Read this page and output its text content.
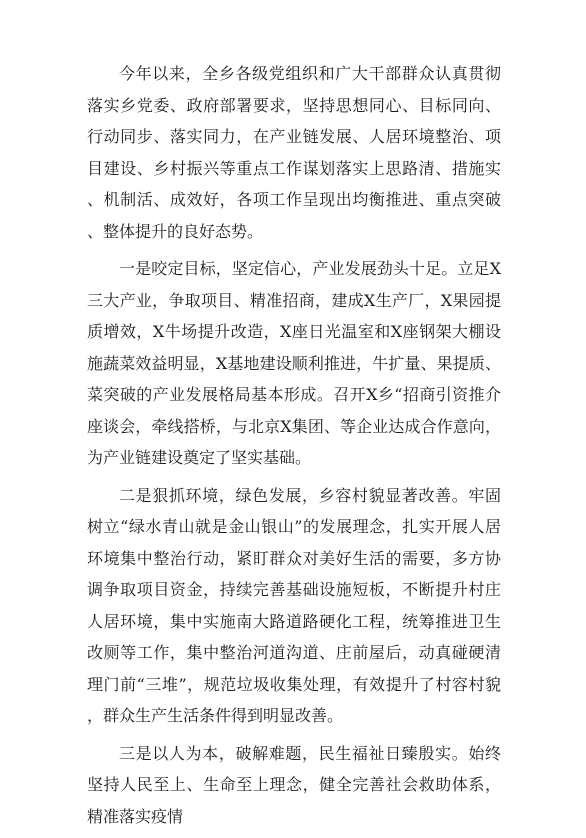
今年以来，全乡各级党组织和广大干部群众认真贯彻落实乡党委、政府部署要求，坚持思想同心、目标同向、行动同步、落实同力，在产业链发展、人居环境整治、项目建设、乡村振兴等重点工作谋划落实上思路清、措施实、机制活、成效好，各项工作呈现出均衡推进、重点突破、整体提升的良好态势。

一是咬定目标，坚定信心，产业发展劲头十足。立足X三大产业，争取项目、精准招商，建成X生产厂，X果园提质增效，X牛场提升改造，X座日光温室和X座钢架大棚设施蔬菜效益明显，X基地建设顺利推进，牛扩量、果提质、菜突破的产业发展格局基本形成。召开X乡“招商引资推介座谈会，牵线搭桥，与北京X集团、等企业达成合作意向，为产业链建设奠定了坚实基础。

二是狠抓环境，绿色发展，乡容村貌显著改善。牢固树立“绿水青山就是金山银山”的发展理念，扎实开展人居环境集中整治行动，紧盯群众对美好生活的需要，多方协调争取项目资金，持续完善基础设施短板，不断提升村庄人居环境，集中实施南大路道路硬化工程，统筹推进卫生改厕等工作，集中整治河道沟道、庄前屋后，动真碰硬清理门前“三堆”，规范垃圾收集处理，有效提升了村容村貌，群众生产生活条件得到明显改善。

三是以人为本，破解难题，民生福祉日臻殷实。始终坚持人民至上、生命至上理念，健全完善社会救助体系，精准落实疫情
